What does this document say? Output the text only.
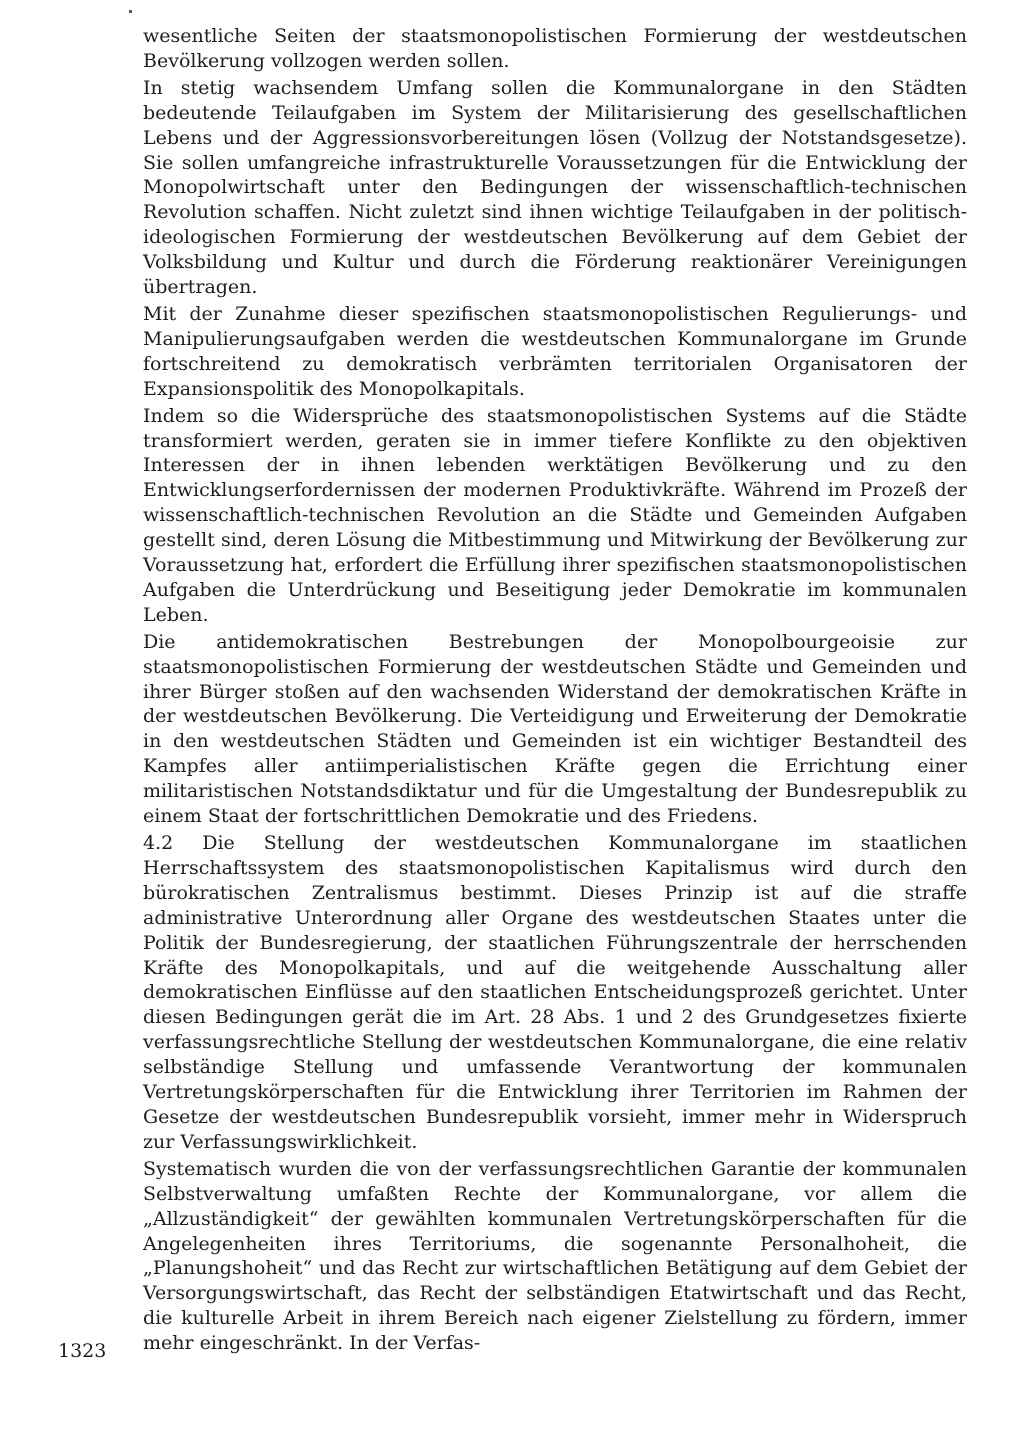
wesentliche Seiten der staatsmonopolistischen Formierung der westdeutschen Bevölkerung vollzogen werden sollen.

In stetig wachsendem Umfang sollen die Kommunalorgane in den Städten bedeutende Teilaufgaben im System der Militarisierung des gesellschaftlichen Lebens und der Aggressionsvorbereitungen lösen (Vollzug der Notstandsgesetze). Sie sollen umfangreiche infrastrukturelle Voraussetzungen für die Entwicklung der Monopolwirtschaft unter den Bedingungen der wissenschaftlich-technischen Revolution schaffen. Nicht zuletzt sind ihnen wichtige Teilaufgaben in der politisch-ideologischen Formierung der westdeutschen Bevölkerung auf dem Gebiet der Volksbildung und Kultur und durch die Förderung reaktionärer Vereinigungen übertragen.

Mit der Zunahme dieser spezifischen staatsmonopolistischen Regulierungs- und Manipulierungsaufgaben werden die westdeutschen Kommunalorgane im Grunde fortschreitend zu demokratisch verbrämten territorialen Organisatoren der Expansionspolitik des Monopolkapitals.

Indem so die Widersprüche des staatsmonopolistischen Systems auf die Städte transformiert werden, geraten sie in immer tiefere Konflikte zu den objektiven Interessen der in ihnen lebenden werktätigen Bevölkerung und zu den Entwicklungserfordernissen der modernen Produktivkräfte. Während im Prozeß der wissenschaftlich-technischen Revolution an die Städte und Gemeinden Aufgaben gestellt sind, deren Lösung die Mitbestimmung und Mitwirkung der Bevölkerung zur Voraussetzung hat, erfordert die Erfüllung ihrer spezifischen staatsmonopolistischen Aufgaben die Unterdrückung und Beseitigung jeder Demokratie im kommunalen Leben.

Die antidemokratischen Bestrebungen der Monopolbourgeoisie zur staatsmonopolistischen Formierung der westdeutschen Städte und Gemeinden und ihrer Bürger stoßen auf den wachsenden Widerstand der demokratischen Kräfte in der westdeutschen Bevölkerung. Die Verteidigung und Erweiterung der Demokratie in den westdeutschen Städten und Gemeinden ist ein wichtiger Bestandteil des Kampfes aller antiimperialistischen Kräfte gegen die Errichtung einer militaristischen Notstandsdiktatur und für die Umgestaltung der Bundesrepublik zu einem Staat der fortschrittlichen Demokratie und des Friedens.

4.2 Die Stellung der westdeutschen Kommunalorgane im staatlichen Herrschaftssystem des staatsmonopolistischen Kapitalismus wird durch den bürokratischen Zentralismus bestimmt. Dieses Prinzip ist auf die straffe administrative Unterordnung aller Organe des westdeutschen Staates unter die Politik der Bundesregierung, der staatlichen Führungszentrale der herrschenden Kräfte des Monopolkapitals, und auf die weitgehende Ausschaltung aller demokratischen Einflüsse auf den staatlichen Entscheidungsprozeß gerichtet. Unter diesen Bedingungen gerät die im Art. 28 Abs. 1 und 2 des Grundgesetzes fixierte verfassungsrechtliche Stellung der westdeutschen Kommunalorgane, die eine relativ selbständige Stellung und umfassende Verantwortung der kommunalen Vertretungskörperschaften für die Entwicklung ihrer Territorien im Rahmen der Gesetze der westdeutschen Bundesrepublik vorsieht, immer mehr in Widerspruch zur Verfassungswirklichkeit.

Systematisch wurden die von der verfassungsrechtlichen Garantie der kommunalen Selbstverwaltung umfaßten Rechte der Kommunalorgane, vor allem die „Allzuständigkeit“ der gewählten kommunalen Vertretungskörperschaften für die Angelegenheiten ihres Territoriums, die sogenannte Personalhoheit, die „Planungshoheit“ und das Recht zur wirtschaftlichen Betätigung auf dem Gebiet der Versorgungswirtschaft, das Recht der selbständigen Etatwirtschaft und das Recht, die kulturelle Arbeit in ihrem Bereich nach eigener Zielstellung zu fördern, immer mehr eingeschränkt. In der Verfas-

1323
